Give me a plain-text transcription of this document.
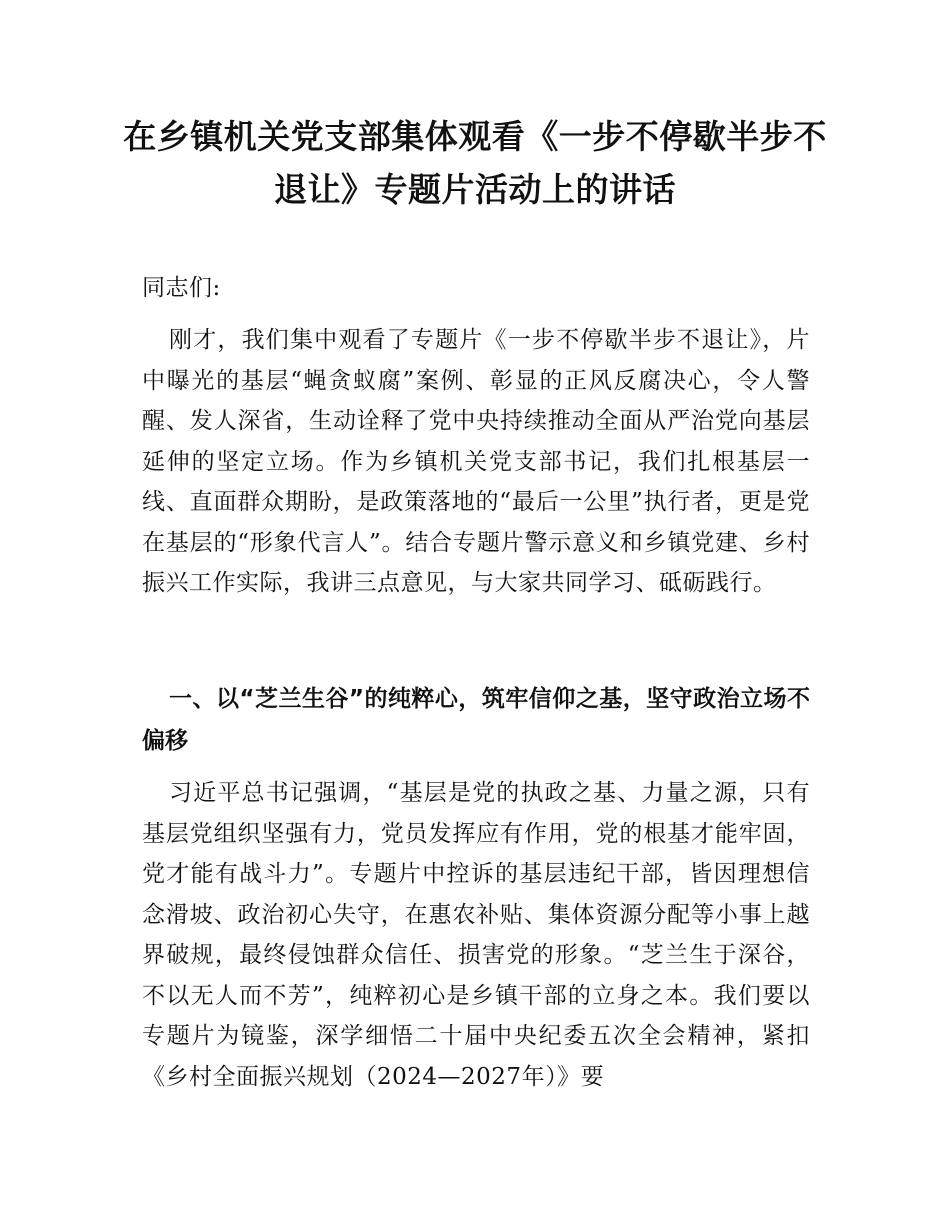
在乡镇机关党支部集体观看《一步不停歇半步不退让》专题片活动上的讲话

同志们:

刚才，我们集中观看了专题片《一步不停歇半步不退让》，片中曝光的基层“蝇贪蚁腐”案例、彰显的正风反腐决心，令人警醒、发人深省，生动诠释了党中央持续推动全面从严治党向基层延伸的坚定立场。作为乡镇机关党支部书记，我们扎根基层一线、直面群众期盼，是政策落地的“最后一公里”执行者，更是党在基层的“形象代言人”。结合专题片警示意义和乡镇党建、乡村振兴工作实际，我讲三点意见，与大家共同学习、砥砺践行。

一、以“芝兰生谷”的纯粹心，筑牢信仰之基，坚守政治立场不偏移

习近平总书记强调，“基层是党的执政之基、力量之源，只有基层党组织坚强有力，党员发挥应有作用，党的根基才能牢固，党才能有战斗力”。专题片中控诉的基层违纪干部，皆因理想信念滑坡、政治初心失守，在惠农补贴、集体资源分配等小事上越界破规，最终侵蚀群众信任、损害党的形象。“芝兰生于深谷，不以无人而不芳”，纯粹初心是乡镇干部的立身之本。我们要以专题片为镜鉴，深学细悟二十届中央纪委五次全会精神，紧扣《乡村全面振兴规划（2024—2027年）》要
